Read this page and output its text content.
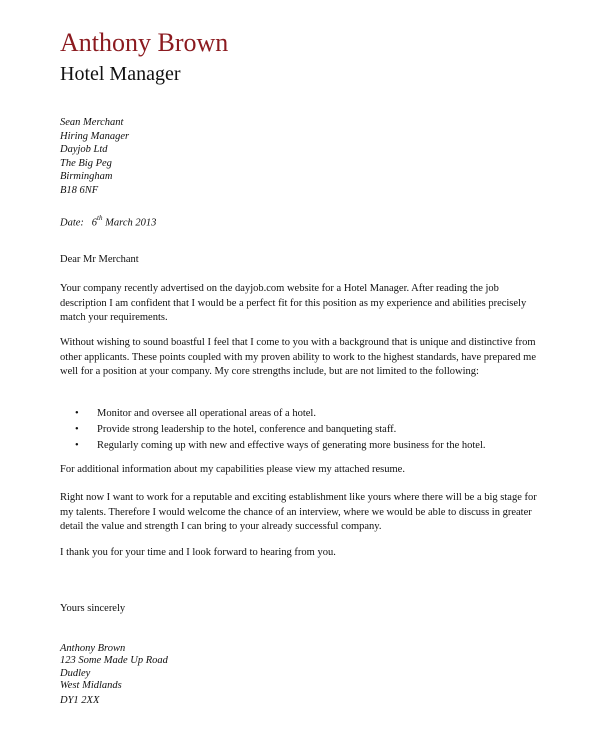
Anthony Brown
Hotel Manager
Sean Merchant
Hiring Manager
Dayjob Ltd
The Big Peg
Birmingham
B18 6NF
Date: 6th March 2013
Dear Mr Merchant
Your company recently advertised on the dayjob.com website for a Hotel Manager. After reading the job description I am confident that I would be a perfect fit for this position as my experience and abilities precisely match your requirements.
Without wishing to sound boastful I feel that I come to you with a background that is unique and distinctive from other applicants. These points coupled with my proven ability to work to the highest standards, have prepared me well for a position at your company. My core strengths include, but are not limited to the following:
• Monitor and oversee all operational areas of a hotel.
• Provide strong leadership to the hotel, conference and banqueting staff.
• Regularly coming up with new and effective ways of generating more business for the hotel.
For additional information about my capabilities please view my attached resume.
Right now I want to work for a reputable and exciting establishment like yours where there will be a big stage for my talents. Therefore I would welcome the chance of an interview, where we would be able to discuss in greater detail the value and strength I can bring to your already successful company.
I thank you for your time and I look forward to hearing from you.
Yours sincerely
Anthony Brown
123 Some Made Up Road
Dudley
West Midlands
DY1 2XX
